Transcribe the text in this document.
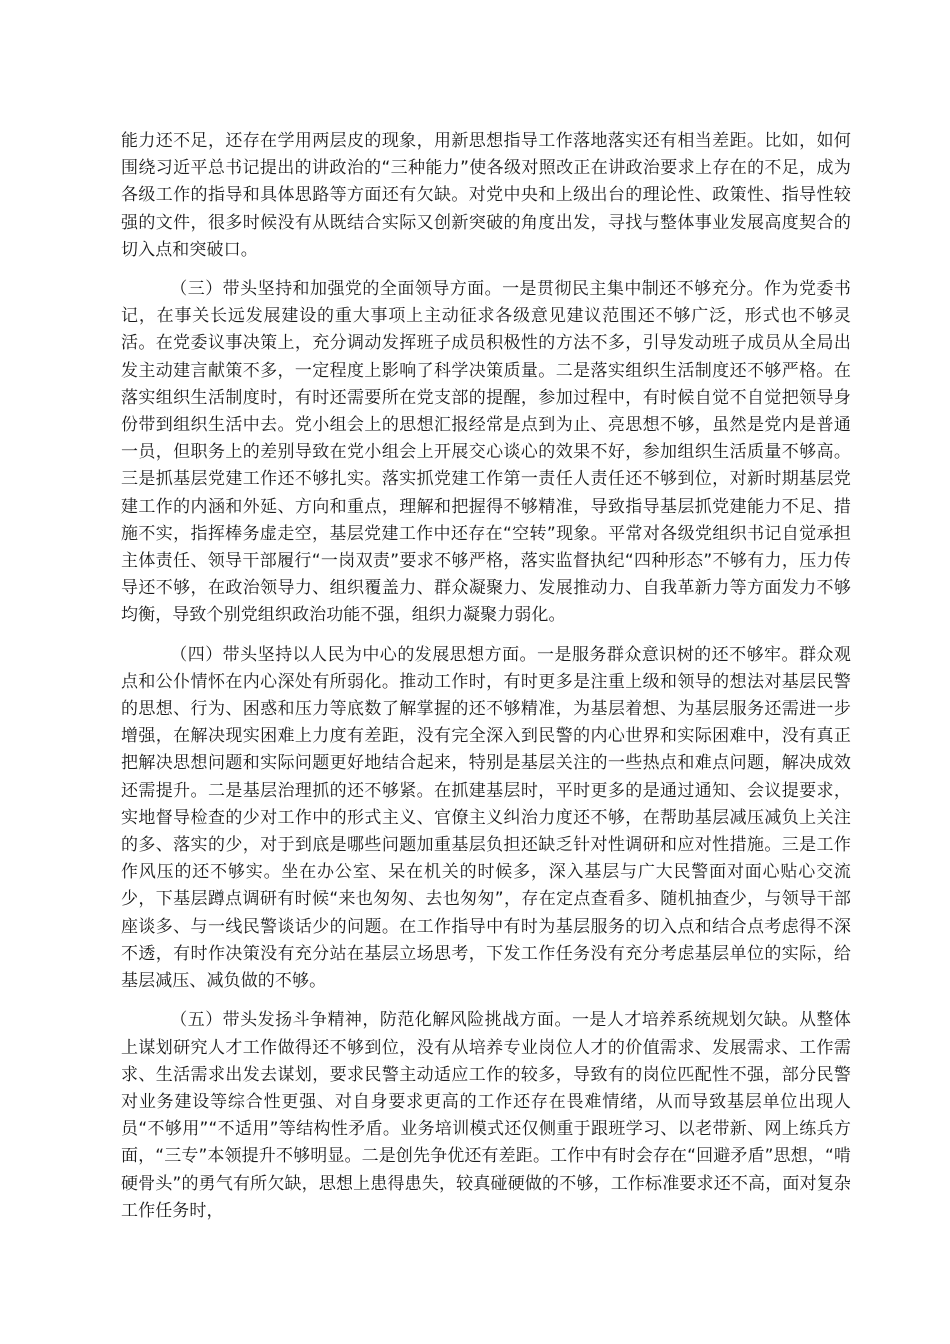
能力还不足，还存在学用两层皮的现象，用新思想指导工作落地落实还有相当差距。比如，如何围绕习近平总书记提出的讲政治的“三种能力”使各级对照改正在讲政治要求上存在的不足，成为各级工作的指导和具体思路等方面还有欠缺。对党中央和上级出台的理论性、政策性、指导性较强的文件，很多时候没有从既结合实际又创新突破的角度出发，寻找与整体事业发展高度契合的切入点和突破口。

（三）带头坚持和加强党的全面领导方面。一是贯彻民主集中制还不够充分。作为党委书记，在事关长远发展建设的重大事项上主动征求各级意见建议范围还不够广泛，形式也不够灵活。在党委议事决策上，充分调动发挥班子成员积极性的方法不多，引导发动班子成员从全局出发主动建言献策不多，一定程度上影响了科学决策质量。二是落实组织生活制度还不够严格。在落实组织生活制度时，有时还需要所在党支部的提醒，参加过程中，有时候自觉不自觉把领导身份带到组织生活中去。党小组会上的思想汇报经常是点到为止、亮思想不够，虽然是党内是普通一员，但职务上的差别导致在党小组会上开展交心谈心的效果不好，参加组织生活质量不够高。三是抓基层党建工作还不够扎实。落实抓党建工作第一责任人责任还不够到位，对新时期基层党建工作的内涵和外延、方向和重点，理解和把握得不够精准，导致指导基层抓党建能力不足、措施不实，指挥棒务虚走空，基层党建工作中还存在“空转”现象。平常对各级党组织书记自觉承担主体责任、领导干部履行“一岗双责”要求不够严格，落实监督执纪“四种形态”不够有力，压力传导还不够，在政治领导力、组织覆盖力、群众凝聚力、发展推动力、自我革新力等方面发力不够均衡，导致个别党组织政治功能不强，组织力凝聚力弱化。

（四）带头坚持以人民为中心的发展思想方面。一是服务群众意识树的还不够牢。群众观点和公仆情怀在内心深处有所弱化。推动工作时，有时更多是注重上级和领导的想法对基层民警的思想、行为、困惑和压力等底数了解掌握的还不够精准，为基层着想、为基层服务还需进一步增强，在解决现实困难上力度有差距，没有完全深入到民警的内心世界和实际困难中，没有真正把解决思想问题和实际问题更好地结合起来，特别是基层关注的一些热点和难点问题，解决成效还需提升。二是基层治理抓的还不够紧。在抓建基层时，平时更多的是通过通知、会议提要求，实地督导检查的少对工作中的形式主义、官僚主义纠治力度还不够，在帮助基层减压减负上关注的多、落实的少，对于到底是哪些问题加重基层负担还缺乏针对性调研和应对性措施。三是工作作风压的还不够实。坐在办公室、呆在机关的时候多，深入基层与广大民警面对面心贴心交流少，下基层蹲点调研有时候“来也匆匆、去也匆匆”，存在定点查看多、随机抽查少，与领导干部座谈多、与一线民警谈话少的问题。在工作指导中有时为基层服务的切入点和结合点考虑得不深不透，有时作决策没有充分站在基层立场思考，下发工作任务没有充分考虑基层单位的实际，给基层减压、减负做的不够。

（五）带头发扬斗争精神，防范化解风险挑战方面。一是人才培养系统规划欠缺。从整体上谋划研究人才工作做得还不够到位，没有从培养专业岗位人才的价值需求、发展需求、工作需求、生活需求出发去谋划，要求民警主动适应工作的较多，导致有的岗位匹配性不强，部分民警对业务建设等综合性更强、对自身要求更高的工作还存在畏难情绪，从而导致基层单位出现人员“不够用”“不适用”等结构性矛盾。业务培训模式还仅侧重于跟班学习、以老带新、网上练兵方面，“三专”本领提升不够明显。二是创先争优还有差距。工作中有时会存在“回避矛盾”思想，“啃硬骨头”的勇气有所欠缺，思想上患得患失，较真碰硬做的不够，工作标准要求还不高，面对复杂工作任务时，
